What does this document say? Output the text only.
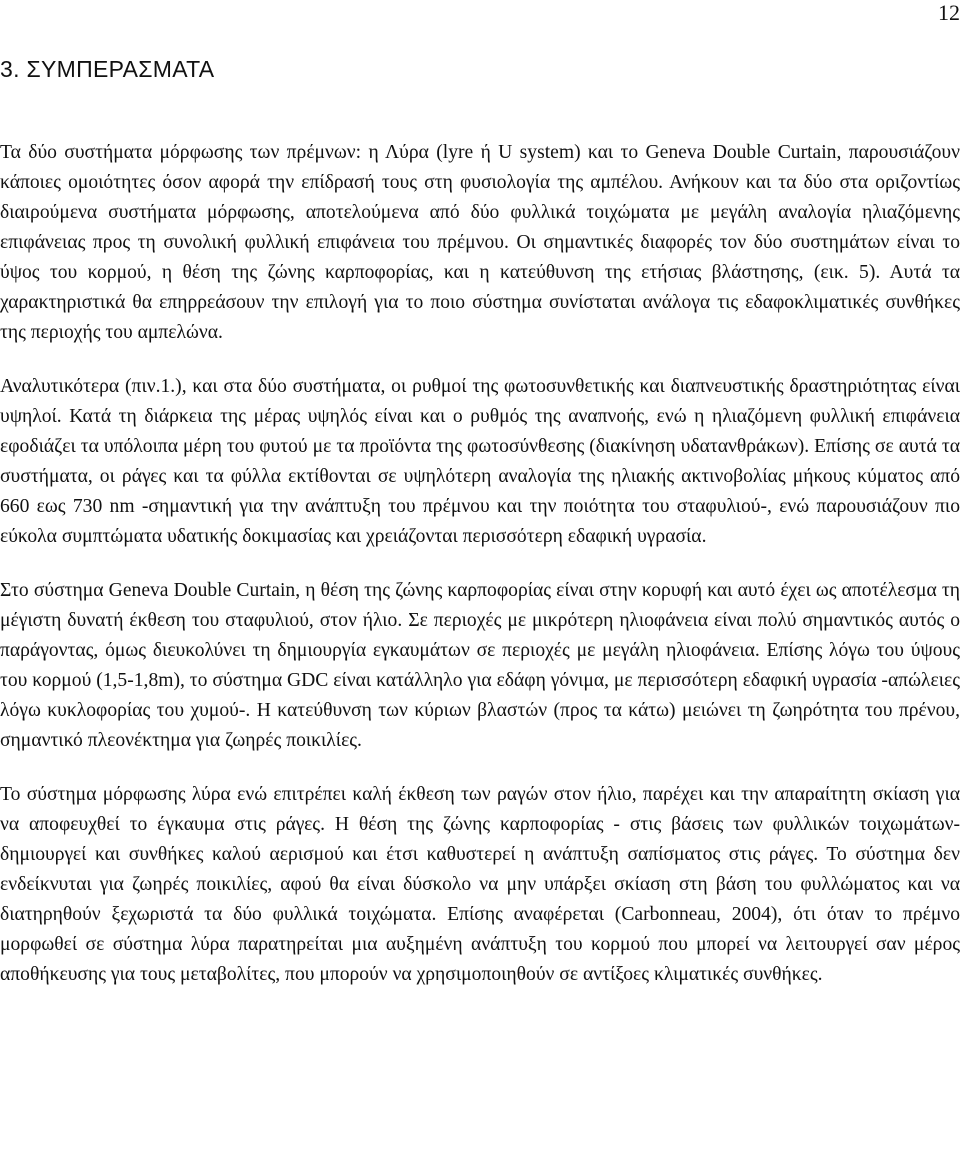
12
3. ΣΥΜΠΕΡΑΣΜΑΤΑ

Τα δύο συστήματα μόρφωσης των πρέμνων: η Λύρα (lyre ή U system) και το Geneva Double Curtain, παρουσιάζουν κάποιες ομοιότητες όσον αφορά την επίδρασή τους στη φυσιολογία της αμπέλου. Ανήκουν και τα δύο στα οριζοντίως διαιρούμενα συστήματα μόρφωσης, αποτελούμενα από δύο φυλλικά τοιχώματα με μεγάλη αναλογία ηλιαζόμενης επιφάνειας προς τη συνολική φυλλική επιφάνεια του πρέμνου. Οι σημαντικές διαφορές τον δύο συστημάτων είναι το ύψος του κορμού, η θέση της ζώνης καρποφορίας, και η κατεύθυνση της ετήσιας βλάστησης, (εικ. 5). Αυτά τα χαρακτηριστικά θα επηρρεάσουν την επιλογή για το ποιο σύστημα συνίσταται ανάλογα τις εδαφοκλιματικές συνθήκες της περιοχής του αμπελώνα.

Αναλυτικότερα (πιν.1.), και στα δύο συστήματα, οι ρυθμοί της φωτοσυνθετικής και διαπνευστικής δραστηριότητας είναι υψηλοί. Κατά τη διάρκεια της μέρας υψηλός είναι και ο ρυθμός της αναπνοής, ενώ η ηλιαζόμενη φυλλική επιφάνεια εφοδιάζει τα υπόλοιπα μέρη του φυτού με τα προϊόντα της φωτοσύνθεσης (διακίνηση υδατανθράκων). Επίσης σε αυτά τα συστήματα, οι ράγες και τα φύλλα εκτίθονται σε υψηλότερη αναλογία της ηλιακής ακτινοβολίας μήκους κύματος από 660 εως 730 nm -σημαντική για την ανάπτυξη του πρέμνου και την ποιότητα του σταφυλιού-, ενώ παρουσιάζουν πιο εύκολα συμπτώματα υδατικής δοκιμασίας και χρειάζονται περισσότερη εδαφική υγρασία.

Στο σύστημα Geneva Double Curtain, η θέση της ζώνης καρποφορίας είναι στην κορυφή και αυτό έχει ως αποτέλεσμα τη μέγιστη δυνατή έκθεση του σταφυλιού, στον ήλιο. Σε περιοχές με μικρότερη ηλιοφάνεια είναι πολύ σημαντικός αυτός ο παράγοντας, όμως διευκολύνει τη δημιουργία εγκαυμάτων σε περιοχές με μεγάλη ηλιοφάνεια. Επίσης λόγω του ύψους του κορμού (1,5-1,8m), το σύστημα GDC είναι κατάλληλο για εδάφη γόνιμα, με περισσότερη εδαφική υγρασία -απώλειες λόγω κυκλοφορίας του χυμού-. Η κατεύθυνση των κύριων βλαστών (προς τα κάτω) μειώνει τη ζωηρότητα του πρένου, σημαντικό πλεονέκτημα για ζωηρές ποικιλίες.

Το σύστημα μόρφωσης λύρα ενώ επιτρέπει καλή έκθεση των ραγών στον ήλιο, παρέχει και την απαραίτητη σκίαση για να αποφευχθεί το έγκαυμα στις ράγες. Η θέση της ζώνης καρποφορίας - στις βάσεις των φυλλικών τοιχωμάτων- δημιουργεί και συνθήκες καλού αερισμού και έτσι καθυστερεί η ανάπτυξη σαπίσματος στις ράγες. Το σύστημα δεν ενδείκνυται για ζωηρές ποικιλίες, αφού θα είναι δύσκολο να μην υπάρξει σκίαση στη βάση του φυλλώματος και να διατηρηθούν ξεχωριστά τα δύο φυλλικά τοιχώματα. Επίσης αναφέρεται (Carbonneau, 2004), ότι όταν το πρέμνο μορφωθεί σε σύστημα λύρα παρατηρείται μια αυξημένη ανάπτυξη του κορμού που μπορεί να λειτουργεί σαν μέρος αποθήκευσης για τους μεταβολίτες, που μπορούν να χρησιμοποιηθούν σε αντίξοες κλιματικές συνθήκες.
